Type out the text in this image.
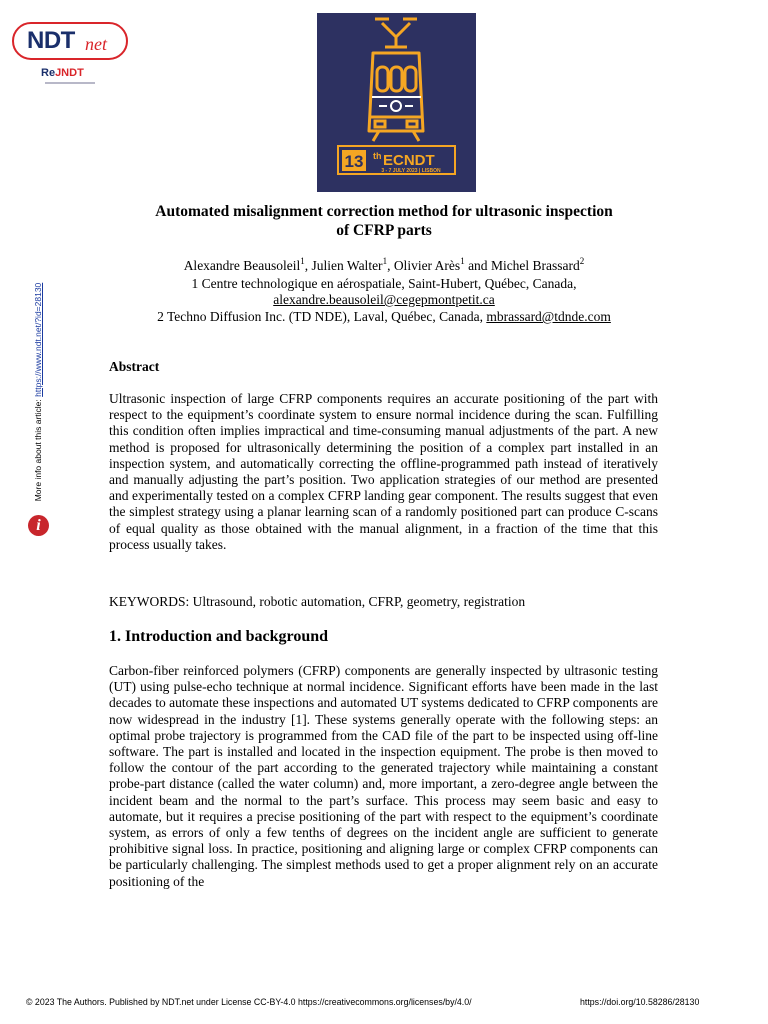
NDT net
ReJNDT
13 th ECNDT
3 - 7 JULY 2023 | LISBON
More info about this article: https://www.ndt.net/?id=28130
i
Automated misalignment correction method for ultrasonic inspection
of CFRP parts
Alexandre Beausoleil$^1$, Julien Walter$^1$, Olivier Arès$^1$ and Michel Brassard$^2$
1 Centre technologique en aérospatiale, Saint-Hubert, Québec, Canada,
alexandre.beausoleil@cegepmontpetit.ca
2 Techno Diffusion Inc. (TD NDE), Laval, Québec, Canada, mbrassard@tdnde.com
Abstract

Ultrasonic inspection of large CFRP components requires an accurate positioning of the part with respect to the equipment’s coordinate system to ensure normal incidence during the scan. Fulfilling this condition often implies impractical and time-consuming manual adjustments of the part. A new method is proposed for ultrasonically determining the position of a complex part installed in an inspection system, and automatically correcting the offline-programmed path instead of iteratively and manually adjusting the part’s position. Two application strategies of our method are presented and experimentally tested on a complex CFRP landing gear component. The results suggest that even the simplest strategy using a planar learning scan of a randomly positioned part can produce C-scans of equal quality as those obtained with the manual alignment, in a fraction of the time that this process usually takes.

KEYWORDS: Ultrasound, robotic automation, CFRP, geometry, registration
1. Introduction and background

Carbon-fiber reinforced polymers (CFRP) components are generally inspected by ultrasonic testing (UT) using pulse-echo technique at normal incidence. Significant efforts have been made in the last decades to automate these inspections and automated UT systems dedicated to CFRP components are now widespread in the industry [1]. These systems generally operate with the following steps: an optimal probe trajectory is programmed from the CAD file of the part to be inspected using off-line software. The part is installed and located in the inspection equipment. The probe is then moved to follow the contour of the part according to the generated trajectory while maintaining a constant probe-part distance (called the water column) and, more important, a zero-degree angle between the incident beam and the normal to the part’s surface. This process may seem basic and easy to automate, but it requires a precise positioning of the part with respect to the equipment’s coordinate system, as errors of only a few tenths of degrees on the incident angle are sufficient to generate prohibitive signal loss. In practice, positioning and aligning large or complex CFRP components can be particularly challenging. The simplest methods used to get a proper alignment rely on an accurate positioning of the

© 2023 The Authors. Published by NDT.net under License CC-BY-4.0 https://creativecommons.org/licenses/by/4.0/	https://doi.org/10.58286/28130
